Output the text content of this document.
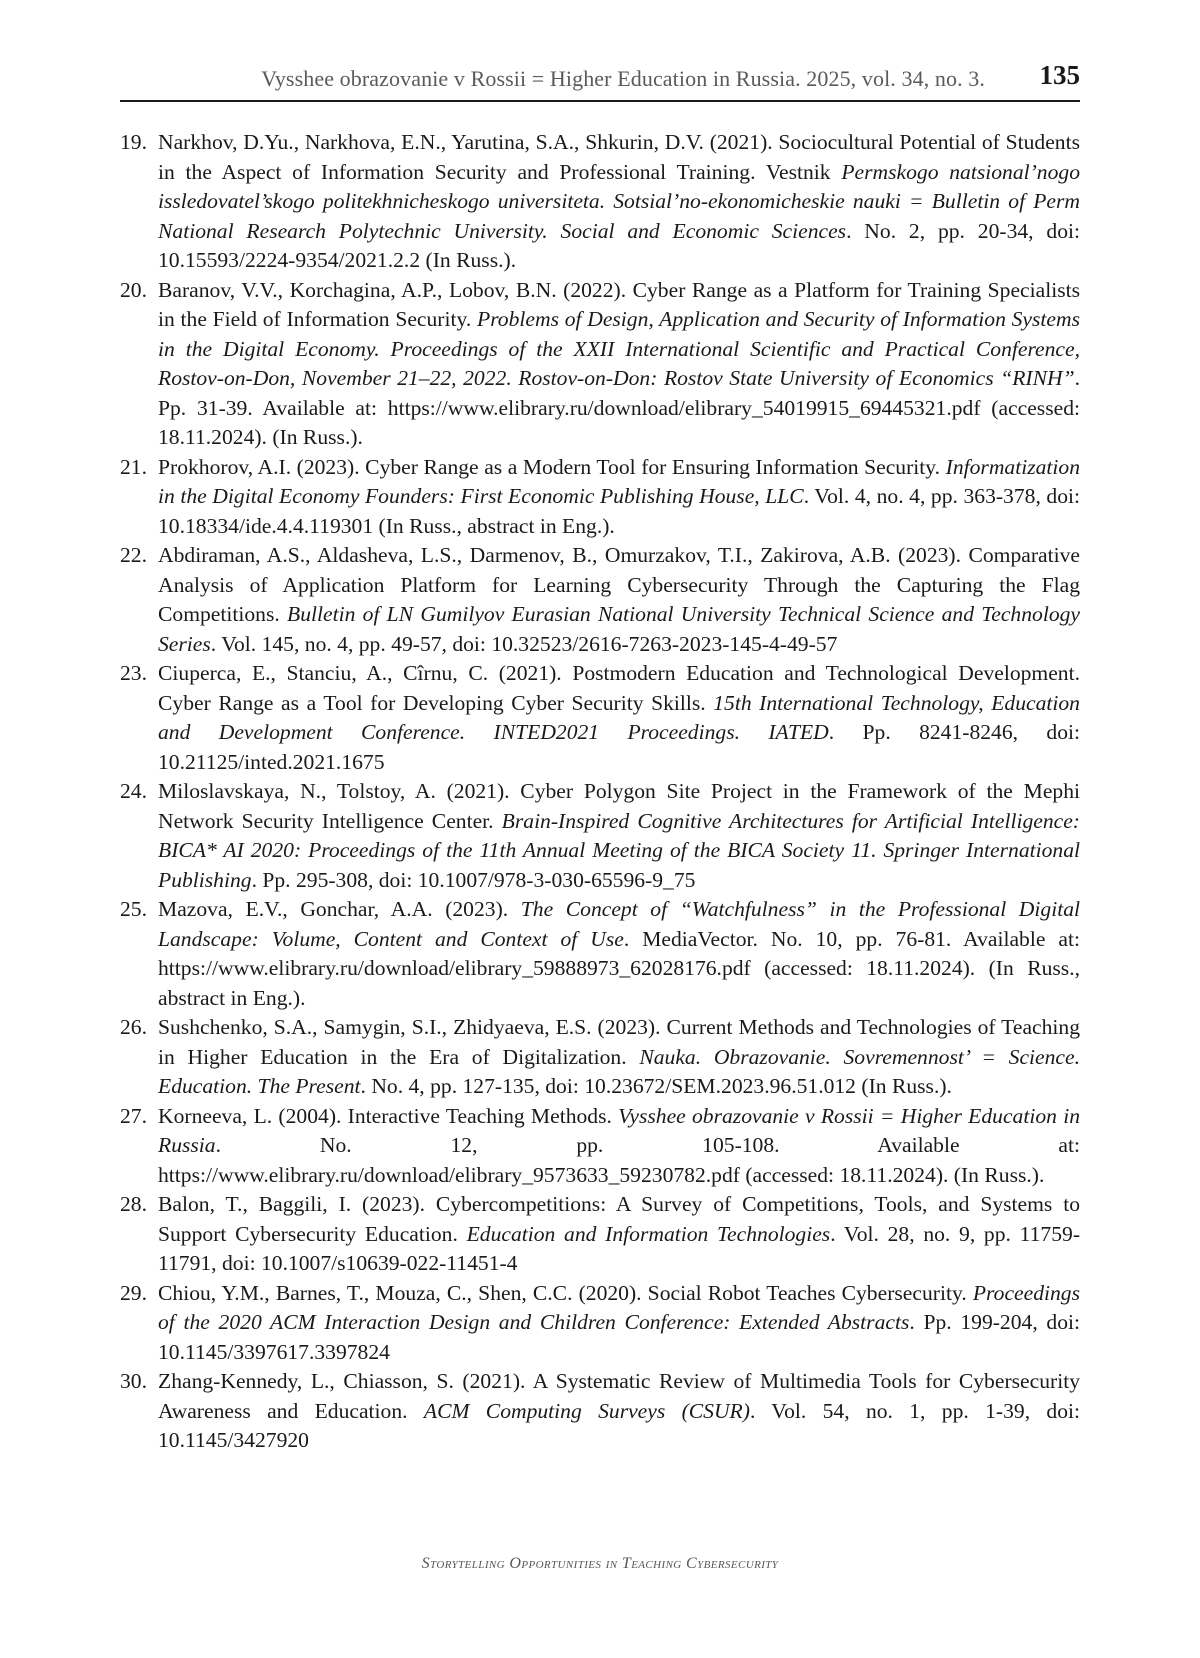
Vysshee obrazovanie v Rossii = Higher Education in Russia. 2025, vol. 34, no. 3. 135
19. Narkhov, D.Yu., Narkhova, E.N., Yarutina, S.A., Shkurin, D.V. (2021). Sociocultural Potential of Students in the Aspect of Information Security and Professional Training. Vestnik Permskogo natsional’nogo issledovatel’skogo politekhnicheskogo universiteta. Sotsial’no-ekonomicheskie nauki = Bulletin of Perm National Research Polytechnic University. Social and Economic Sciences. No. 2, pp. 20-34, doi: 10.15593/2224-9354/2021.2.2 (In Russ.).
20. Baranov, V.V., Korchagina, A.P., Lobov, B.N. (2022). Cyber Range as a Platform for Training Specialists in the Field of Information Security. Problems of Design, Application and Security of Information Systems in the Digital Economy. Proceedings of the XXII International Scientific and Practical Conference, Rostov-on-Don, November 21–22, 2022. Rostov-on-Don: Rostov State University of Economics “RINH”. Pp. 31-39. Available at: https://www.elibrary.ru/download/elibrary_54019915_69445321.pdf (accessed: 18.11.2024). (In Russ.).
21. Prokhorov, A.I. (2023). Cyber Range as a Modern Tool for Ensuring Information Security. Informatization in the Digital Economy Founders: First Economic Publishing House, LLC. Vol. 4, no. 4, pp. 363-378, doi: 10.18334/ide.4.4.119301 (In Russ., abstract in Eng.).
22. Abdiraman, A.S., Aldasheva, L.S., Darmenov, B., Omurzakov, T.I., Zakirova, A.B. (2023). Comparative Analysis of Application Platform for Learning Cybersecurity Through the Capturing the Flag Competitions. Bulletin of LN Gumilyov Eurasian National University Technical Science and Technology Series. Vol. 145, no. 4, pp. 49-57, doi: 10.32523/2616-7263-2023-145-4-49-57
23. Ciuperca, E., Stanciu, A., Cîrnu, C. (2021). Postmodern Education and Technological Development. Cyber Range as a Tool for Developing Cyber Security Skills. 15th International Technology, Education and Development Conference. INTED2021 Proceedings. IATED. Pp. 8241-8246, doi: 10.21125/inted.2021.1675
24. Miloslavskaya, N., Tolstoy, A. (2021). Cyber Polygon Site Project in the Framework of the Mephi Network Security Intelligence Center. Brain-Inspired Cognitive Architectures for Artificial Intelligence: BICA* AI 2020: Proceedings of the 11th Annual Meeting of the BICA Society 11. Springer International Publishing. Pp. 295-308, doi: 10.1007/978-3-030-65596-9_75
25. Mazova, E.V., Gonchar, A.A. (2023). The Concept of “Watchfulness” in the Professional Digital Landscape: Volume, Content and Context of Use. MediaVector. No. 10, pp. 76-81. Available at: https://www.elibrary.ru/download/elibrary_59888973_62028176.pdf (accessed: 18.11.2024). (In Russ., abstract in Eng.).
26. Sushchenko, S.A., Samygin, S.I., Zhidyaeva, E.S. (2023). Current Methods and Technologies of Teaching in Higher Education in the Era of Digitalization. Nauka. Obrazovanie. Sovremennost’ = Science. Education. The Present. No. 4, pp. 127-135, doi: 10.23672/SEM.2023.96.51.012 (In Russ.).
27. Korneeva, L. (2004). Interactive Teaching Methods. Vysshee obrazovanie v Rossii = Higher Education in Russia. No. 12, pp. 105-108. Available at: https://www.elibrary.ru/download/elibrary_9573633_59230782.pdf (accessed: 18.11.2024). (In Russ.).
28. Balon, T., Baggili, I. (2023). Cybercompetitions: A Survey of Competitions, Tools, and Systems to Support Cybersecurity Education. Education and Information Technologies. Vol. 28, no. 9, pp. 11759-11791, doi: 10.1007/s10639-022-11451-4
29. Chiou, Y.M., Barnes, T., Mouza, C., Shen, C.C. (2020). Social Robot Teaches Cybersecurity. Proceedings of the 2020 ACM Interaction Design and Children Conference: Extended Abstracts. Pp. 199-204, doi: 10.1145/3397617.3397824
30. Zhang-Kennedy, L., Chiasson, S. (2021). A Systematic Review of Multimedia Tools for Cybersecurity Awareness and Education. ACM Computing Surveys (CSUR). Vol. 54, no. 1, pp. 1-39, doi: 10.1145/3427920
Storytelling Opportunities in Teaching Cybersecurity
